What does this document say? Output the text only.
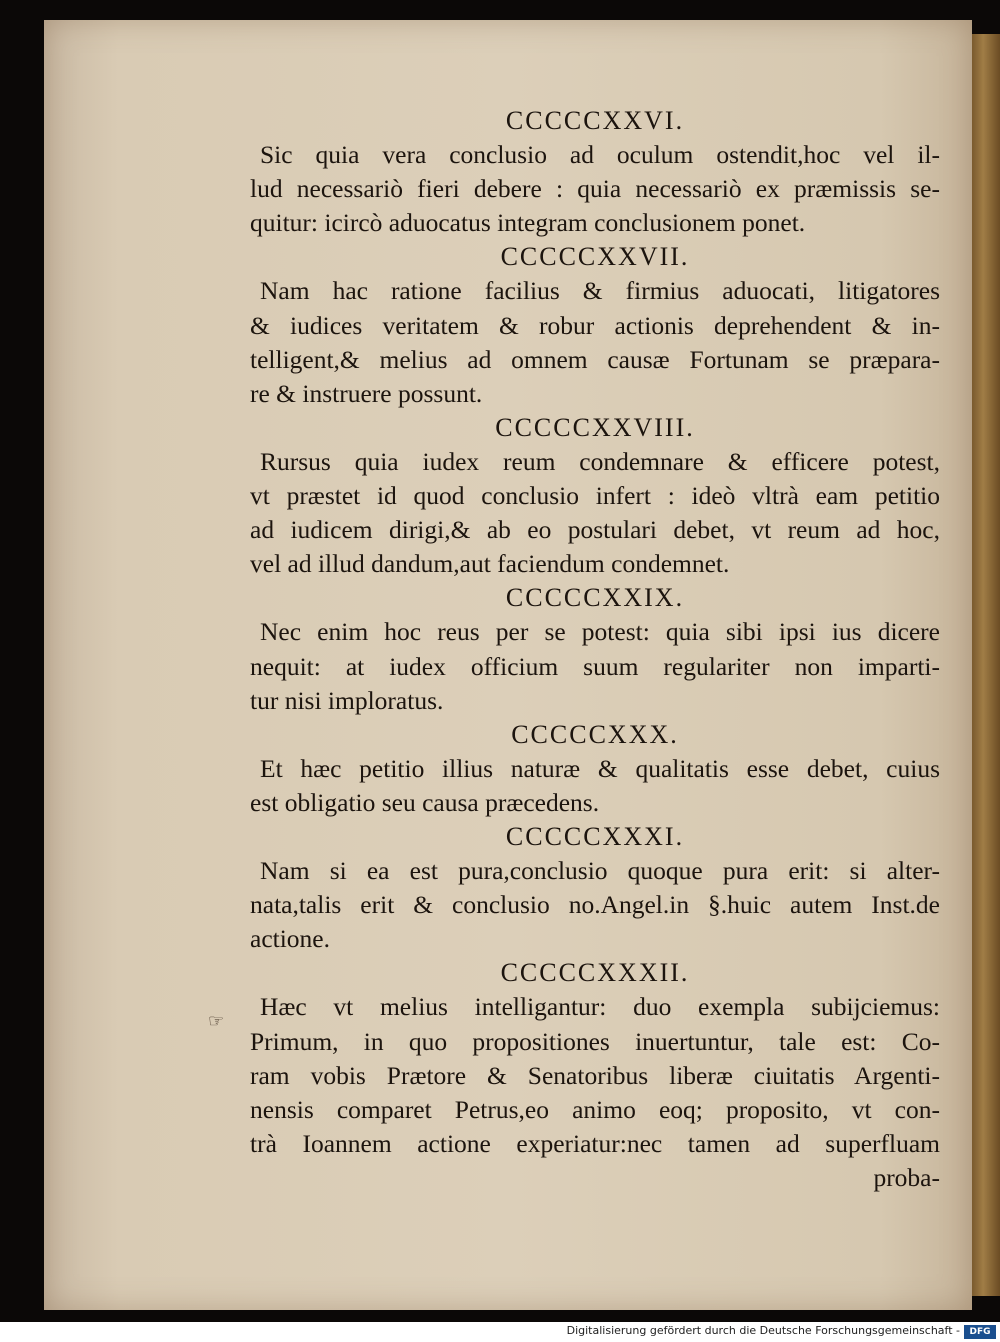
CCCCCXXVI.
Sic quia vera conclusio ad oculum ostendit,hoc vel il-
lud necessariò fieri debere : quia necessariò ex præmissis se-
quitur: icircò aduocatus integram conclusionem ponet.
CCCCCXXVII.
Nam hac ratione facilius & firmius aduocati, litigatores
& iudices veritatem & robur actionis deprehendent & in-
telligent,& melius ad omnem causæ Fortunam se præpara-
re & instruere possunt.
CCCCCXXVIII.
Rursus quia iudex reum condemnare & efficere potest,
vt præstet id quod conclusio infert : ideò vltrà eam petitio
ad iudicem dirigi,& ab eo postulari debet, vt reum ad hoc,
vel ad illud dandum,aut faciendum condemnet.
CCCCCXXIX.
Nec enim hoc reus per se potest: quia sibi ipsi ius dicere
nequit: at iudex officium suum regulariter non imparti-
tur nisi imploratus.
CCCCCXXX.
Et hæc petitio illius naturæ & qualitatis esse debet, cuius
est obligatio seu causa præcedens.
CCCCCXXXI.
Nam si ea est pura,conclusio quoque pura erit: si alter-
nata,talis erit & conclusio no.Angel.in §.huic autem Inst.de
actione.
CCCCCXXXII.
Hæc vt melius intelligantur: duo exempla subijciemus:
Primum, in quo propositiones inuertuntur, tale est: Co-
ram vobis Prætore & Senatoribus liberæ ciuitatis Argenti-
nensis comparet Petrus,eo animo eoq; proposito, vt con-
trà Ioannem actione experiatur:nec tamen ad superfluam
proba-
☞
Digitalisierung gefördert durch die Deutsche Forschungsgemeinschaft -	DFG
